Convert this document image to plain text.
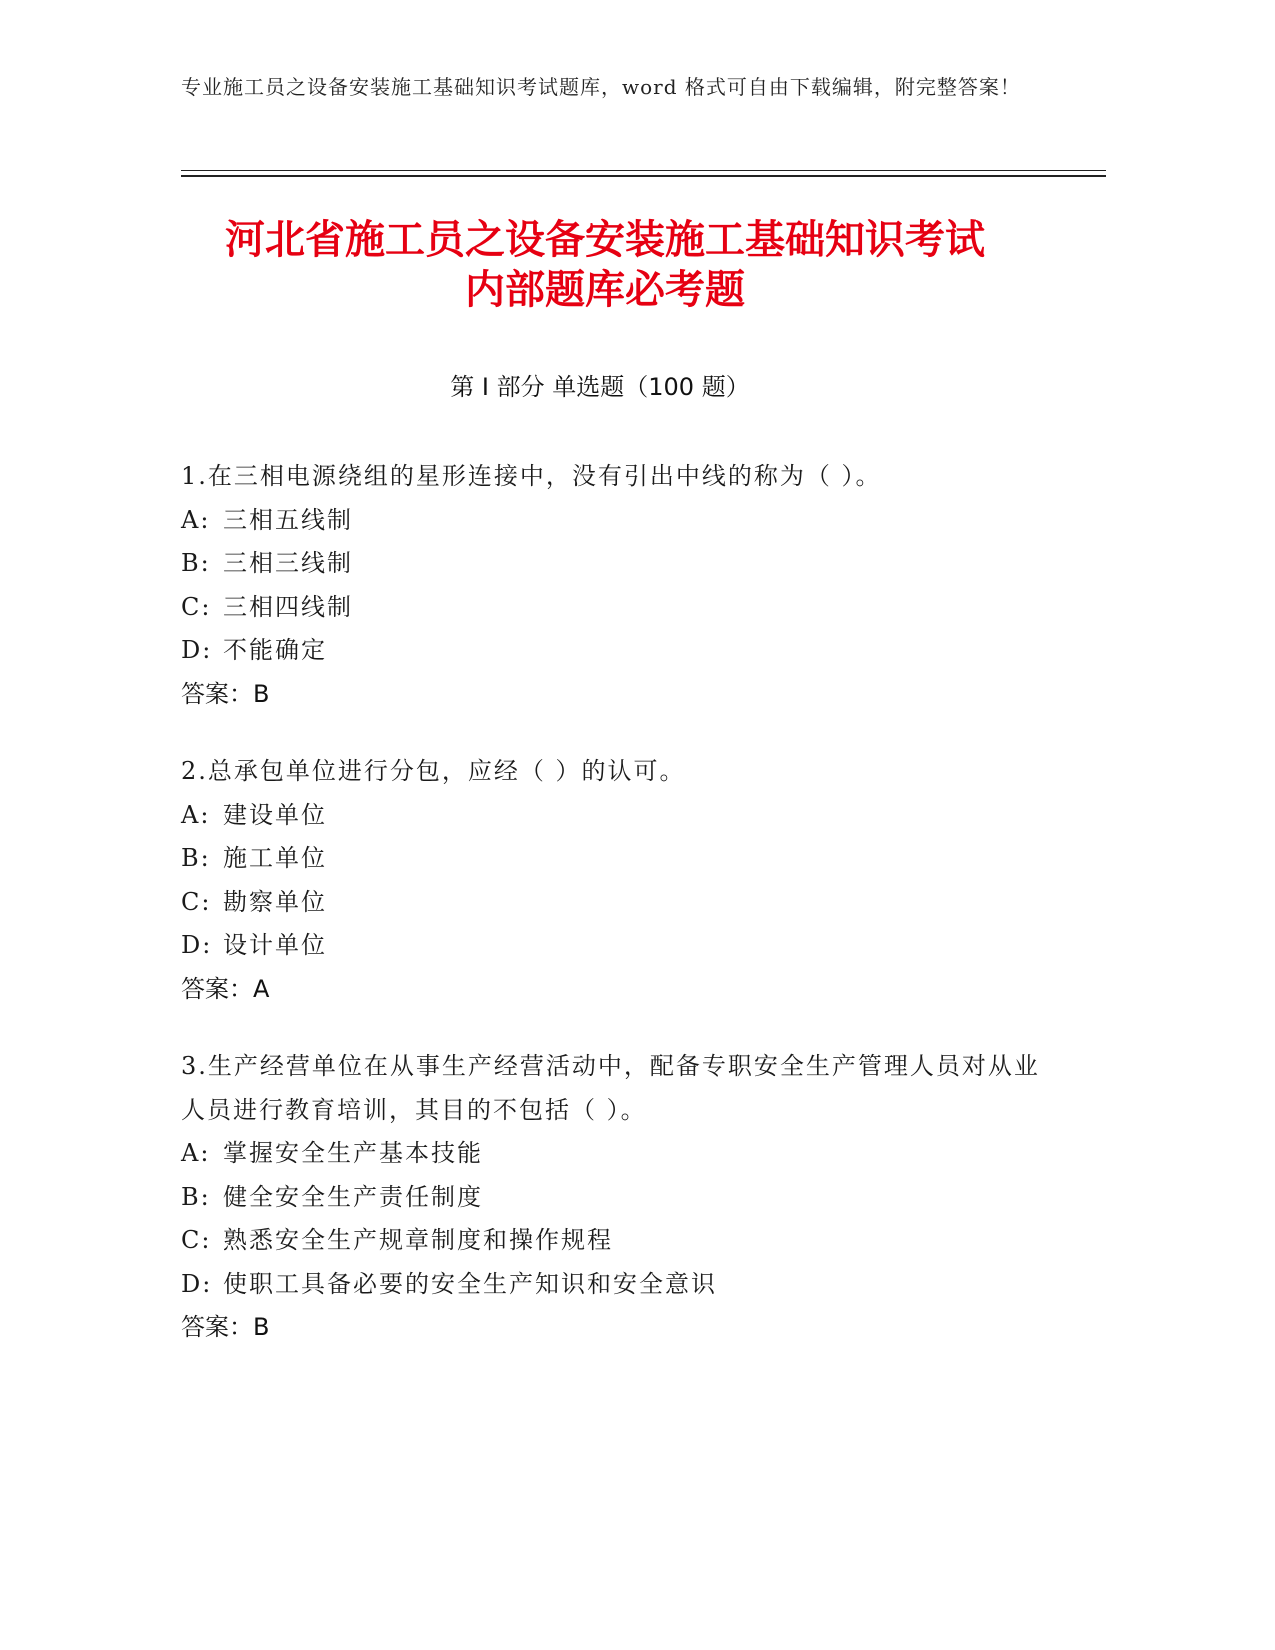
专业施工员之设备安装施工基础知识考试题库，word 格式可自由下载编辑，附完整答案！
河北省施工员之设备安装施工基础知识考试
内部题库必考题
第 I 部分 单选题（100 题）
1.在三相电源绕组的星形连接中，没有引出中线的称为（ ）。
A: 三相五线制
B: 三相三线制
C: 三相四线制
D: 不能确定
答案：B
2.总承包单位进行分包，应经（ ）的认可。
A: 建设单位
B: 施工单位
C: 勘察单位
D: 设计单位
答案：A
3.生产经营单位在从事生产经营活动中，配备专职安全生产管理人员对从业人员进行教育培训，其目的不包括（ ）。
A: 掌握安全生产基本技能
B: 健全安全生产责任制度
C: 熟悉安全生产规章制度和操作规程
D: 使职工具备必要的安全生产知识和安全意识
答案：B
